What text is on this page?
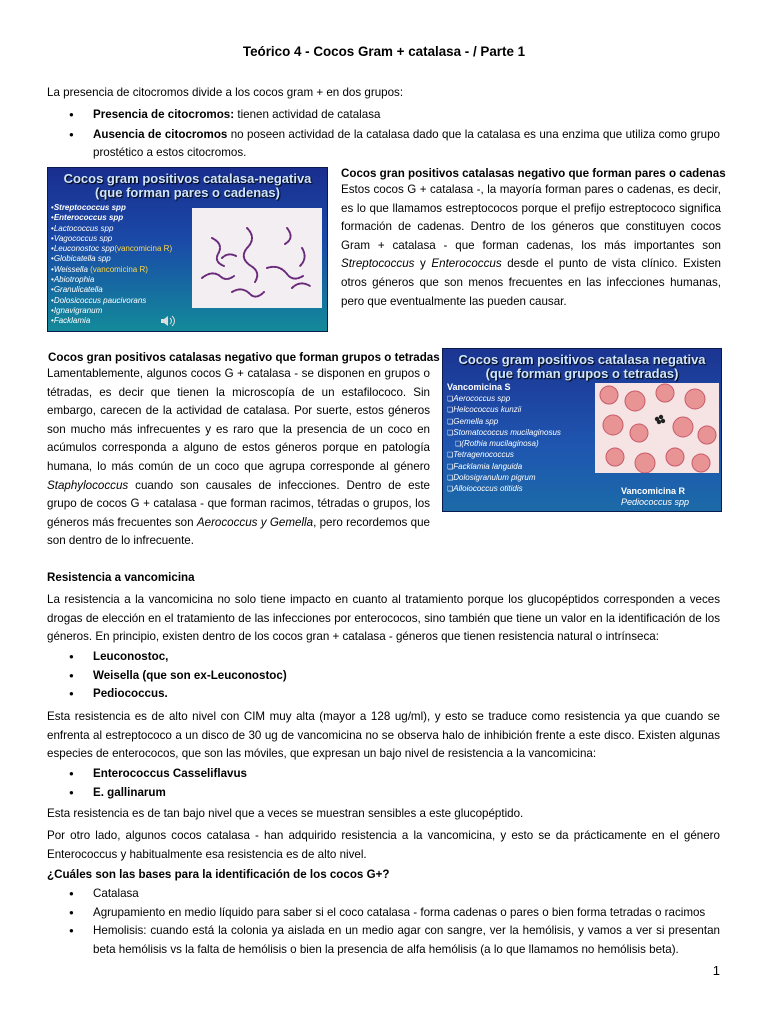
Teórico 4 - Cocos Gram + catalasa - / Parte 1

La presencia de citocromos divide a los cocos gram + en dos grupos:

● Presencia de citocromos: tienen actividad de catalasa
● Ausencia de citocromos no poseen actividad de la catalasa dado que la catalasa es una enzima que utiliza como grupo prostético a estos citocromos.
Cocos gram positivos catalasa-negativa
(que forman pares o cadenas)
• Streptococcus spp
• Enterococcus spp
• Lactococcus spp
• Vagococcus spp
• Leuconostoc spp(vancomicina R)
• Globicatella spp
• Weissella (vancomicina R)
• Abiotrophia
• Granulicatella
• Dolosicoccus paucivorans
• Ignavigranum
• Facklamia

Cocos gran positivos catalasas negativo que forman pares o cadenas

Estos cocos G + catalasa -, la mayoría forman pares o cadenas, es decir, es lo que llamamos estreptococos porque el prefijo estreptococo significa formación de cadenas. Dentro de los géneros que constituyen cocos Gram + catalasa - que forman cadenas, los más importantes son Streptococcus y Enterococcus desde el punto de vista clínico. Existen otros géneros que son menos frecuentes en las infecciones humanas, pero que eventualmente las pueden causar.

Cocos gran positivos catalasas negativo que forman grupos o tetradas

Lamentablemente, algunos cocos G + catalasa - se disponen en grupos o tétradas, es decir que tienen la microscopía de un estafilococo. Sin embargo, carecen de la actividad de catalasa. Por suerte, estos géneros son mucho más infrecuentes y es raro que la presencia de un coco en acúmulos corresponda a alguno de estos géneros porque en patología humana, lo más común de un coco que agrupa corresponde al género Staphylococcus cuando son causales de infecciones. Dentro de este grupo de cocos G + catalasa - que forman racimos, tétradas o grupos, los géneros más frecuentes son Aerococcus y Gemella, pero recordemos que son dentro de lo infrecuente.

Cocos gram positivos catalasa negativa
(que forman grupos o tetradas)
Vancomicina S
❏ Aerococcus spp
❏ Helcococcus kunzii
❏ Gemella spp
❏ Stomatococcus mucilaginosus
❏ (Rothia mucilaginosa)
❏ Tetragenococcus
❏ Facklamia languida
❏ Dolosigranulum pigrum
❏ Alloiococcus otitidis	Vancomicina R
Pediococcus spp

Resistencia a vancomicina

La resistencia a la vancomicina no solo tiene impacto en cuanto al tratamiento porque los glucopéptidos corresponden a veces drogas de elección en el tratamiento de las infecciones por enterococos, sino también que tiene un valor en la identificación de los géneros. En principio, existen dentro de los cocos gran + catalasa - géneros que tienen resistencia natural o intrínseca:

● Leuconostoc,
● Weisella (que son ex-Leuconostoc)
● Pediococcus.

Esta resistencia es de alto nivel con CIM muy alta (mayor a 128 ug/ml), y esto se traduce como resistencia ya que cuando se enfrenta al estreptococo a un disco de 30 ug de vancomicina no se observa halo de inhibición frente a este disco. Existen algunas especies de enterococos, que son las móviles, que expresan un bajo nivel de resistencia a la vancomicina:

● Enterococcus Casseliflavus
● E. gallinarum

Esta resistencia es de tan bajo nivel que a veces se muestran sensibles a este glucopéptido.

Por otro lado, algunos cocos catalasa - han adquirido resistencia a la vancomicina, y esto se da prácticamente en el género Enterococcus y habitualmente esa resistencia es de alto nivel.

¿Cuáles son las bases para la identificación de los cocos G+?

● Catalasa
● Agrupamiento en medio líquido para saber si el coco catalasa - forma cadenas o pares o bien forma tetradas o racimos
● Hemolisis: cuando está la colonia ya aislada en un medio agar con sangre, ver la hemólisis, y vamos a ver si presentan beta hemólisis vs la falta de hemólisis o bien la presencia de alfa hemólisis (a lo que llamamos no hemólisis beta).
1
